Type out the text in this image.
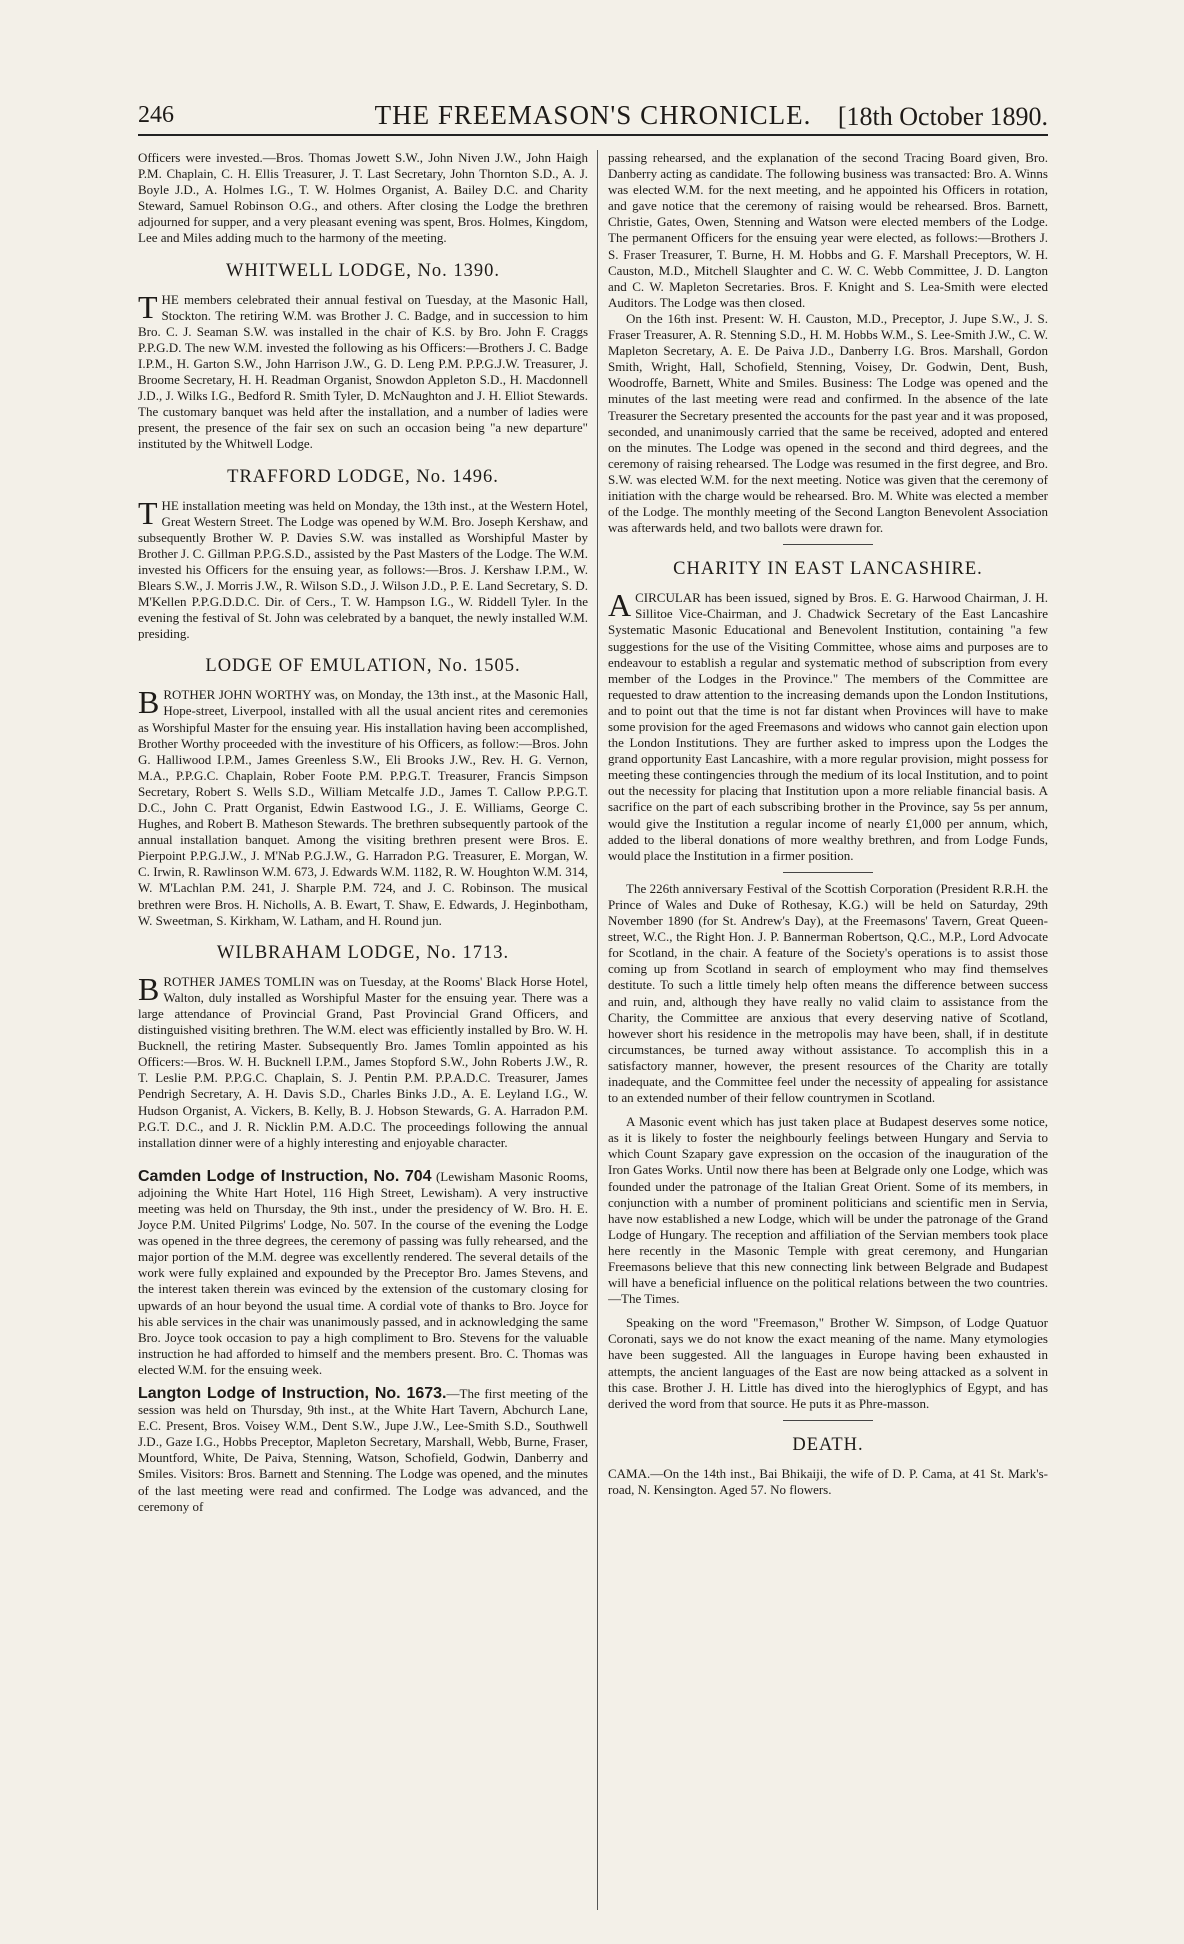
246	THE FREEMASON'S CHRONICLE.	[18th October 1890.

Officers were invested.—Bros. Thomas Jowett S.W., John Niven J.W., John Haigh P.M. Chaplain, C. H. Ellis Treasurer, J. T. Last Secretary, John Thornton S.D., A. J. Boyle J.D., A. Holmes I.G., T. W. Holmes Organist, A. Bailey D.C. and Charity Steward, Samuel Robinson O.G., and others. After closing the Lodge the brethren adjourned for supper, and a very pleasant evening was spent, Bros. Holmes, Kingdom, Lee and Miles adding much to the harmony of the meeting.

WHITWELL LODGE, No. 1390.

THE members celebrated their annual festival on Tuesday, at the Masonic Hall, Stockton. The retiring W.M. was Brother J. C. Badge, and in succession to him Bro. C. J. Seaman S.W. was installed in the chair of K.S. by Bro. John F. Craggs P.P.G.D. The new W.M. invested the following as his Officers:—Brothers J. C. Badge I.P.M., H. Garton S.W., John Harrison J.W., G. D. Leng P.M. P.P.G.J.W. Treasurer, J. Broome Secretary, H. H. Readman Organist, Snowdon Appleton S.D., H. Macdonnell J.D., J. Wilks I.G., Bedford R. Smith Tyler, D. McNaughton and J. H. Elliot Stewards. The customary banquet was held after the installation, and a number of ladies were present, the presence of the fair sex on such an occasion being "a new departure" instituted by the Whitwell Lodge.

TRAFFORD LODGE, No. 1496.

THE installation meeting was held on Monday, the 13th inst., at the Western Hotel, Great Western Street. The Lodge was opened by W.M. Bro. Joseph Kershaw, and subsequently Brother W. P. Davies S.W. was installed as Worshipful Master by Brother J. C. Gillman P.P.G.S.D., assisted by the Past Masters of the Lodge. The W.M. invested his Officers for the ensuing year, as follows:—Bros. J. Kershaw I.P.M., W. Blears S.W., J. Morris J.W., R. Wilson S.D., J. Wilson J.D., P. E. Land Secretary, S. D. M'Kellen P.P.G.D.D.C. Dir. of Cers., T. W. Hampson I.G., W. Riddell Tyler. In the evening the festival of St. John was celebrated by a banquet, the newly installed W.M. presiding.

LODGE OF EMULATION, No. 1505.

BROTHER JOHN WORTHY was, on Monday, the 13th inst., at the Masonic Hall, Hope-street, Liverpool, installed with all the usual ancient rites and ceremonies as Worshipful Master for the ensuing year. His installation having been accomplished, Brother Worthy proceeded with the investiture of his Officers, as follow:—Bros. John G. Halliwood I.P.M., James Greenless S.W., Eli Brooks J.W., Rev. H. G. Vernon, M.A., P.P.G.C. Chaplain, Rober Foote P.M. P.P.G.T. Treasurer, Francis Simpson Secretary, Robert S. Wells S.D., William Metcalfe J.D., James T. Callow P.P.G.T. D.C., John C. Pratt Organist, Edwin Eastwood I.G., J. E. Williams, George C. Hughes, and Robert B. Matheson Stewards. The brethren subsequently partook of the annual installation banquet. Among the visiting brethren present were Bros. E. Pierpoint P.P.G.J.W., J. M'Nab P.G.J.W., G. Harradon P.G. Treasurer, E. Morgan, W. C. Irwin, R. Rawlinson W.M. 673, J. Edwards W.M. 1182, R. W. Houghton W.M. 314, W. M'Lachlan P.M. 241, J. Sharple P.M. 724, and J. C. Robinson. The musical brethren were Bros. H. Nicholls, A. B. Ewart, T. Shaw, E. Edwards, J. Heginbotham, W. Sweetman, S. Kirkham, W. Latham, and H. Round jun.

WILBRAHAM LODGE, No. 1713.

BROTHER JAMES TOMLIN was on Tuesday, at the Rooms' Black Horse Hotel, Walton, duly installed as Worshipful Master for the ensuing year. There was a large attendance of Provincial Grand, Past Provincial Grand Officers, and distinguished visiting brethren. The W.M. elect was efficiently installed by Bro. W. H. Bucknell, the retiring Master. Subsequently Bro. James Tomlin appointed as his Officers:—Bros. W. H. Bucknell I.P.M., James Stopford S.W., John Roberts J.W., R. T. Leslie P.M. P.P.G.C. Chaplain, S. J. Pentin P.M. P.P.A.D.C. Treasurer, James Pendrigh Secretary, A. H. Davis S.D., Charles Binks J.D., A. E. Leyland I.G., W. Hudson Organist, A. Vickers, B. Kelly, B. J. Hobson Stewards, G. A. Harradon P.M. P.G.T. D.C., and J. R. Nicklin P.M. A.D.C. The proceedings following the annual installation dinner were of a highly interesting and enjoyable character.

Camden Lodge of Instruction, No. 704 (Lewisham Masonic Rooms, adjoining the White Hart Hotel, 116 High Street, Lewisham). A very instructive meeting was held on Thursday, the 9th inst., under the presidency of W. Bro. H. E. Joyce P.M. United Pilgrims' Lodge, No. 507. In the course of the evening the Lodge was opened in the three degrees, the ceremony of passing was fully rehearsed, and the major portion of the M.M. degree was excellently rendered. The several details of the work were fully explained and expounded by the Preceptor Bro. James Stevens, and the interest taken therein was evinced by the extension of the customary closing for upwards of an hour beyond the usual time. A cordial vote of thanks to Bro. Joyce for his able services in the chair was unanimously passed, and in acknowledging the same Bro. Joyce took occasion to pay a high compliment to Bro. Stevens for the valuable instruction he had afforded to himself and the members present. Bro. C. Thomas was elected W.M. for the ensuing week.

Langton Lodge of Instruction, No. 1673.—The first meeting of the session was held on Thursday, 9th inst., at the White Hart Tavern, Abchurch Lane, E.C. Present, Bros. Voisey W.M., Dent S.W., Jupe J.W., Lee-Smith S.D., Southwell J.D., Gaze I.G., Hobbs Preceptor, Mapleton Secretary, Marshall, Webb, Burne, Fraser, Mountford, White, De Paiva, Stenning, Watson, Schofield, Godwin, Danberry and Smiles. Visitors: Bros. Barnett and Stenning. The Lodge was opened, and the minutes of the last meeting were read and confirmed. The Lodge was advanced, and the ceremony of

passing rehearsed, and the explanation of the second Tracing Board given, Bro. Danberry acting as candidate. The following business was transacted: Bro. A. Winns was elected W.M. for the next meeting, and he appointed his Officers in rotation, and gave notice that the ceremony of raising would be rehearsed. Bros. Barnett, Christie, Gates, Owen, Stenning and Watson were elected members of the Lodge. The permanent Officers for the ensuing year were elected, as follows:—Brothers J. S. Fraser Treasurer, T. Burne, H. M. Hobbs and G. F. Marshall Preceptors, W. H. Causton, M.D., Mitchell Slaughter and C. W. C. Webb Committee, J. D. Langton and C. W. Mapleton Secretaries. Bros. F. Knight and S. Lea-Smith were elected Auditors. The Lodge was then closed.

On the 16th inst. Present: W. H. Causton, M.D., Preceptor, J. Jupe S.W., J. S. Fraser Treasurer, A. R. Stenning S.D., H. M. Hobbs W.M., S. Lee-Smith J.W., C. W. Mapleton Secretary, A. E. De Paiva J.D., Danberry I.G. Bros. Marshall, Gordon Smith, Wright, Hall, Schofield, Stenning, Voisey, Dr. Godwin, Dent, Bush, Woodroffe, Barnett, White and Smiles. Business: The Lodge was opened and the minutes of the last meeting were read and confirmed. In the absence of the late Treasurer the Secretary presented the accounts for the past year and it was proposed, seconded, and unanimously carried that the same be received, adopted and entered on the minutes. The Lodge was opened in the second and third degrees, and the ceremony of raising rehearsed. The Lodge was resumed in the first degree, and Bro. S.W. was elected W.M. for the next meeting. Notice was given that the ceremony of initiation with the charge would be rehearsed. Bro. M. White was elected a member of the Lodge. The monthly meeting of the Second Langton Benevolent Association was afterwards held, and two ballots were drawn for.

CHARITY IN EAST LANCASHIRE.

ACIRCULAR has been issued, signed by Bros. E. G. Harwood Chairman, J. H. Sillitoe Vice-Chairman, and J. Chadwick Secretary of the East Lancashire Systematic Masonic Educational and Benevolent Institution, containing "a few suggestions for the use of the Visiting Committee, whose aims and purposes are to endeavour to establish a regular and systematic method of subscription from every member of the Lodges in the Province." The members of the Committee are requested to draw attention to the increasing demands upon the London Institutions, and to point out that the time is not far distant when Provinces will have to make some provision for the aged Freemasons and widows who cannot gain election upon the London Institutions. They are further asked to impress upon the Lodges the grand opportunity East Lancashire, with a more regular provision, might possess for meeting these contingencies through the medium of its local Institution, and to point out the necessity for placing that Institution upon a more reliable financial basis. A sacrifice on the part of each subscribing brother in the Province, say 5s per annum, would give the Institution a regular income of nearly £1,000 per annum, which, added to the liberal donations of more wealthy brethren, and from Lodge Funds, would place the Institution in a firmer position.

The 226th anniversary Festival of the Scottish Corporation (President R.R.H. the Prince of Wales and Duke of Rothesay, K.G.) will be held on Saturday, 29th November 1890 (for St. Andrew's Day), at the Freemasons' Tavern, Great Queen-street, W.C., the Right Hon. J. P. Bannerman Robertson, Q.C., M.P., Lord Advocate for Scotland, in the chair. A feature of the Society's operations is to assist those coming up from Scotland in search of employment who may find themselves destitute. To such a little timely help often means the difference between success and ruin, and, although they have really no valid claim to assistance from the Charity, the Committee are anxious that every deserving native of Scotland, however short his residence in the metropolis may have been, shall, if in destitute circumstances, be turned away without assistance. To accomplish this in a satisfactory manner, however, the present resources of the Charity are totally inadequate, and the Committee feel under the necessity of appealing for assistance to an extended number of their fellow countrymen in Scotland.

A Masonic event which has just taken place at Budapest deserves some notice, as it is likely to foster the neighbourly feelings between Hungary and Servia to which Count Szapary gave expression on the occasion of the inauguration of the Iron Gates Works. Until now there has been at Belgrade only one Lodge, which was founded under the patronage of the Italian Great Orient. Some of its members, in conjunction with a number of prominent politicians and scientific men in Servia, have now established a new Lodge, which will be under the patronage of the Grand Lodge of Hungary. The reception and affiliation of the Servian members took place here recently in the Masonic Temple with great ceremony, and Hungarian Freemasons believe that this new connecting link between Belgrade and Budapest will have a beneficial influence on the political relations between the two countries.—The Times.

Speaking on the word "Freemason," Brother W. Simpson, of Lodge Quatuor Coronati, says we do not know the exact meaning of the name. Many etymologies have been suggested. All the languages in Europe having been exhausted in attempts, the ancient languages of the East are now being attacked as a solvent in this case. Brother J. H. Little has dived into the hieroglyphics of Egypt, and has derived the word from that source. He puts it as Phre-masson.

DEATH.

CAMA.—On the 14th inst., Bai Bhikaiji, the wife of D. P. Cama, at 41 St. Mark's-road, N. Kensington. Aged 57. No flowers.
